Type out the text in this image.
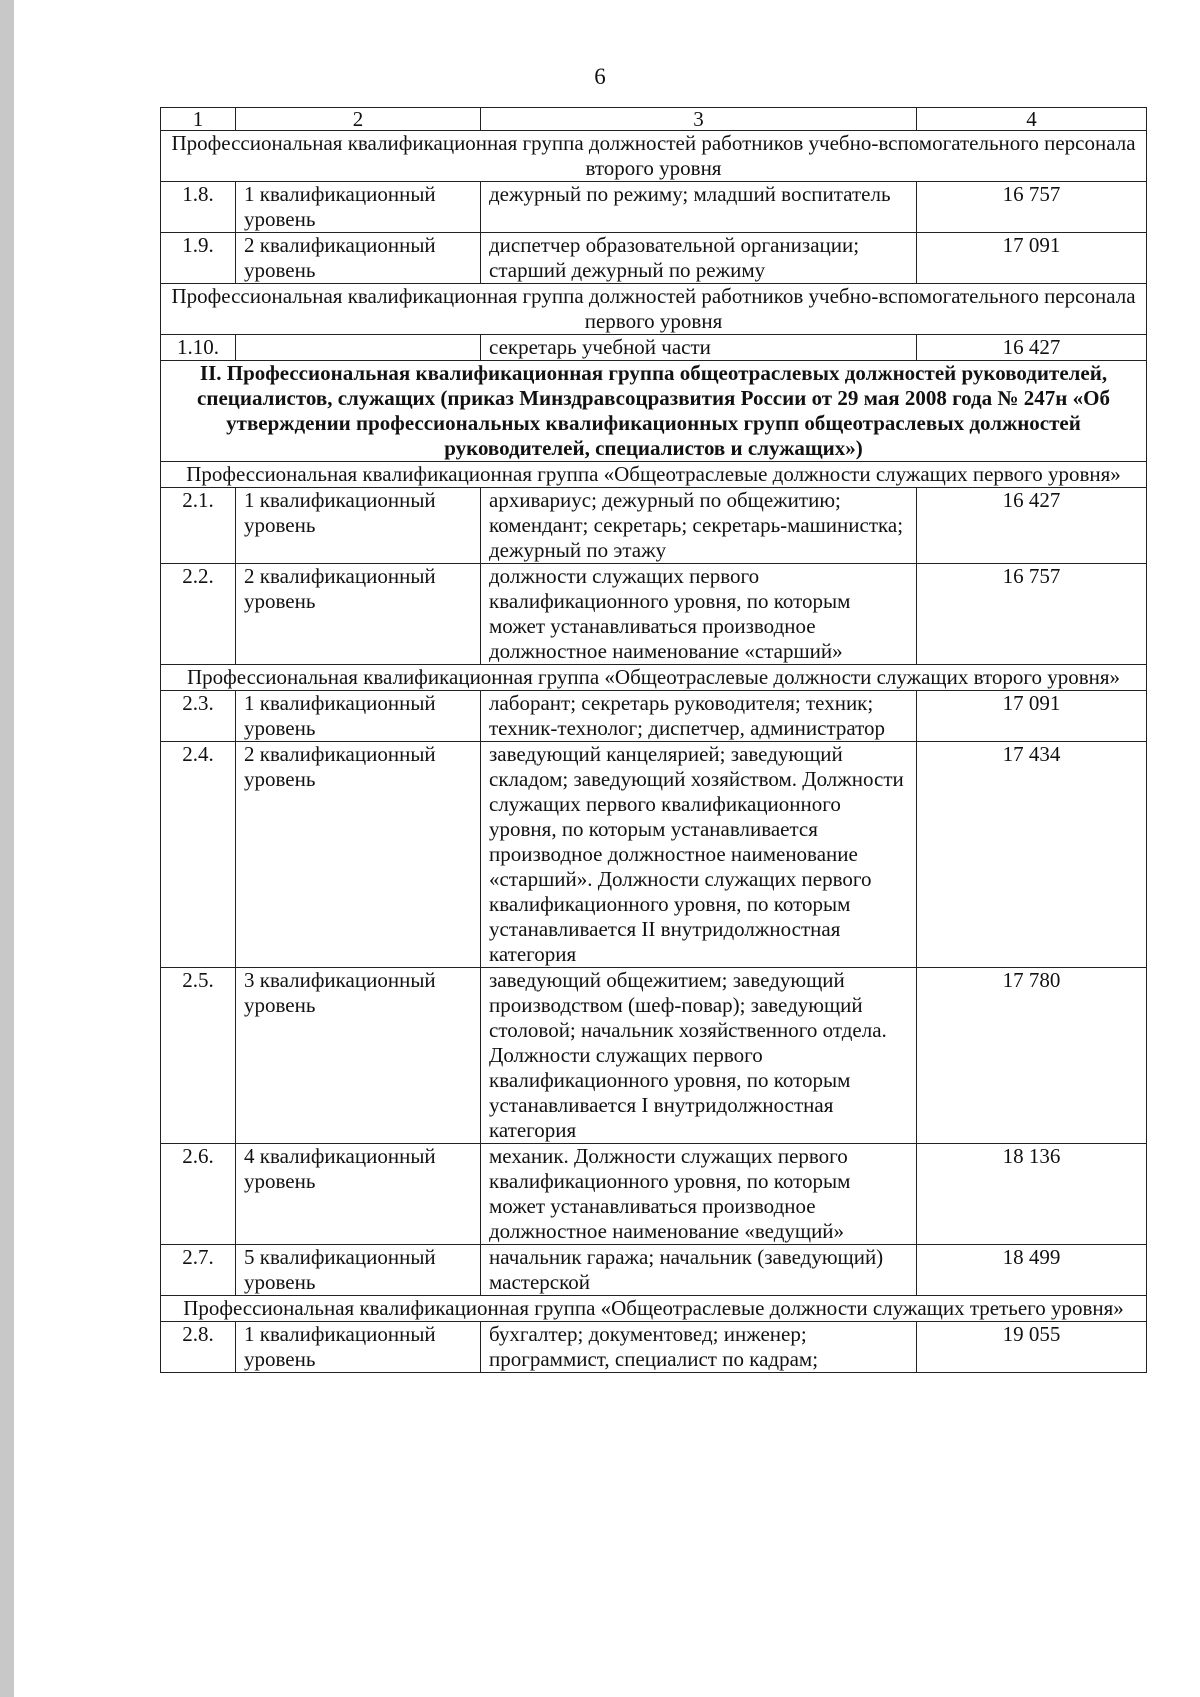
6
1	2	3	4
Профессиональная квалификационная группа должностей работников учебно-вспомогательного персонала второго уровня			
1.8.	1 квалификационный уровень	дежурный по режиму; младший воспитатель	16 757
1.9.	2 квалификационный уровень	диспетчер образовательной организации; старший дежурный по режиму	17 091
Профессиональная квалификационная группа должностей работников учебно-вспомогательного персонала первого уровня			
1.10.		секретарь учебной части	16 427
II. Профессиональная квалификационная группа общеотраслевых должностей руководителей, специалистов, служащих (приказ Минздравсоцразвития России от 29 мая 2008 года № 247н «Об утверждении профессиональных квалификационных групп общеотраслевых должностей руководителей, специалистов и служащих»)			
Профессиональная квалификационная группа «Общеотраслевые должности служащих первого уровня»			
2.1.	1 квалификационный уровень	архивариус; дежурный по общежитию; комендант; секретарь; секретарь-машинистка; дежурный по этажу	16 427
2.2.	2 квалификационный уровень	должности служащих первого квалификационного уровня, по которым может устанавливаться производное должностное наименование «старший»	16 757
Профессиональная квалификационная группа «Общеотраслевые должности служащих второго уровня»			
2.3.	1 квалификационный уровень	лаборант; секретарь руководителя; техник; техник-технолог; диспетчер, администратор	17 091
2.4.	2 квалификационный уровень	заведующий канцелярией; заведующий складом; заведующий хозяйством. Должности служащих первого квалификационного уровня, по которым устанавливается производное должностное наименование «старший». Должности служащих первого квалификационного уровня, по которым устанавливается II внутридолжностная категория	17 434
2.5.	3 квалификационный уровень	заведующий общежитием; заведующий производством (шеф-повар); заведующий столовой; начальник хозяйственного отдела. Должности служащих первого квалификационного уровня, по которым устанавливается I внутридолжностная категория	17 780
2.6.	4 квалификационный уровень	механик. Должности служащих первого квалификационного уровня, по которым может устанавливаться производное должностное наименование «ведущий»	18 136
2.7.	5 квалификационный уровень	начальник гаража; начальник (заведующий) мастерской	18 499
Профессиональная квалификационная группа «Общеотраслевые должности служащих третьего уровня»			
2.8.	1 квалификационный уровень	бухгалтер; документовед; инженер; программист, специалист по кадрам;	19 055
